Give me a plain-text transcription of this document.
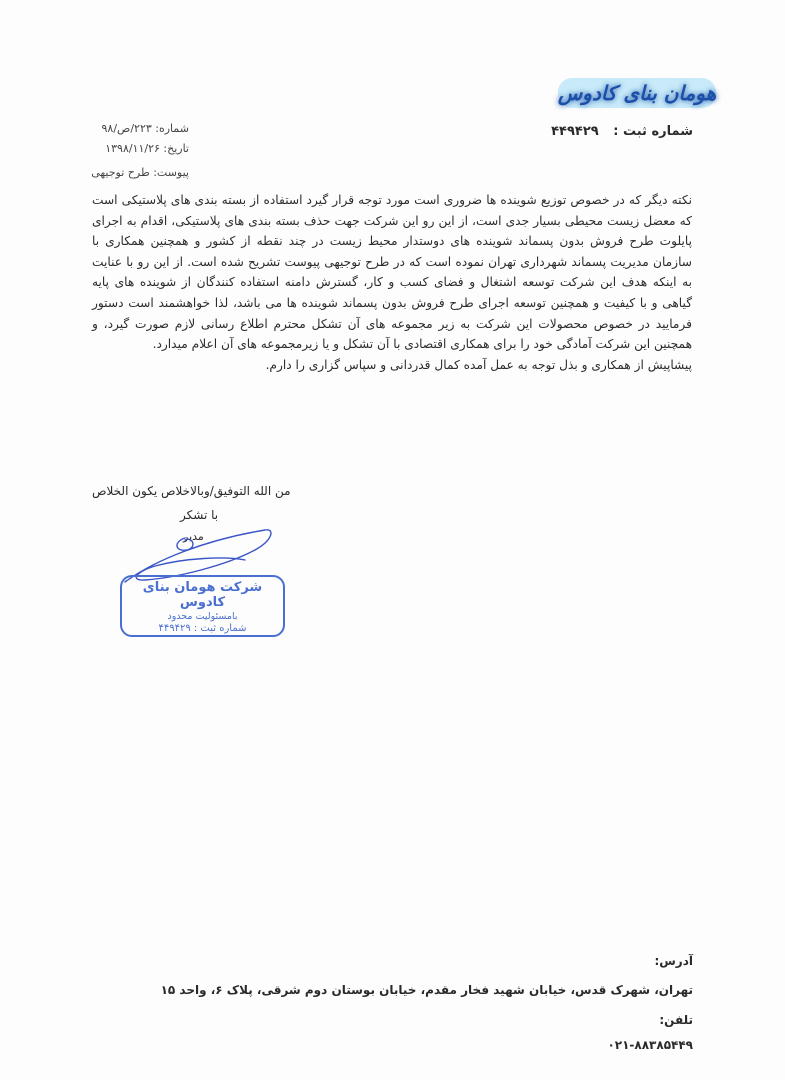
هومان بنای کادوس
شماره ثبت : ۴۴۹۴۲۹
شماره: ۲۲۳/ص/۹۸
تاریخ: ۱۳۹۸/۱۱/۲۶
پیوست: طرح توجیهی

نکته دیگر که در خصوص توزیع شوینده ها ضروری است مورد توجه قرار گیرد استفاده از بسته بندی های پلاستیکی است که معضل زیست محیطی بسیار جدی است، از این رو این شرکت جهت حذف بسته بندی های پلاستیکی، اقدام به اجرای پایلوت طرح فروش بدون پسماند شوینده های دوستدار محیط زیست در چند نقطه از کشور و همچنین همکاری با سازمان مدیریت پسماند شهرداری تهران نموده است که در طرح توجیهی پیوست تشریح شده است. از این رو با عنایت به اینکه هدف این شرکت توسعه اشتغال و فضای کسب و کار، گسترش دامنه استفاده کنندگان از شوینده های پایه گیاهی و با کیفیت و همچنین توسعه اجرای طرح فروش بدون پسماند شوینده ها می باشد، لذا خواهشمند است دستور فرمایید در خصوص محصولات این شرکت به زیر مجموعه های آن تشکل محترم اطلاع رسانی لازم صورت گیرد، و همچنین این شرکت آمادگی خود را برای همکاری اقتصادی با آن تشکل و یا زیرمجموعه های آن اعلام میدارد.

پیشاپیش از همکاری و بذل توجه به عمل آمده کمال قدردانی و سپاس گزاری را دارم.

من الله التوفیق/وبالاخلاص یکون الخلاص
با تشکر
مدیر
شرکت هومان بنای کادوس
بامسئولیت محدود
شماره ثبت : ۴۴۹۴۲۹
آدرس:
تهران، شهرک قدس، خیابان شهید فخار مقدم، خیابان بوستان دوم شرقی، پلاک ۶، واحد ۱۵
تلفن:
۰۲۱-۸۸۳۸۵۴۴۹
